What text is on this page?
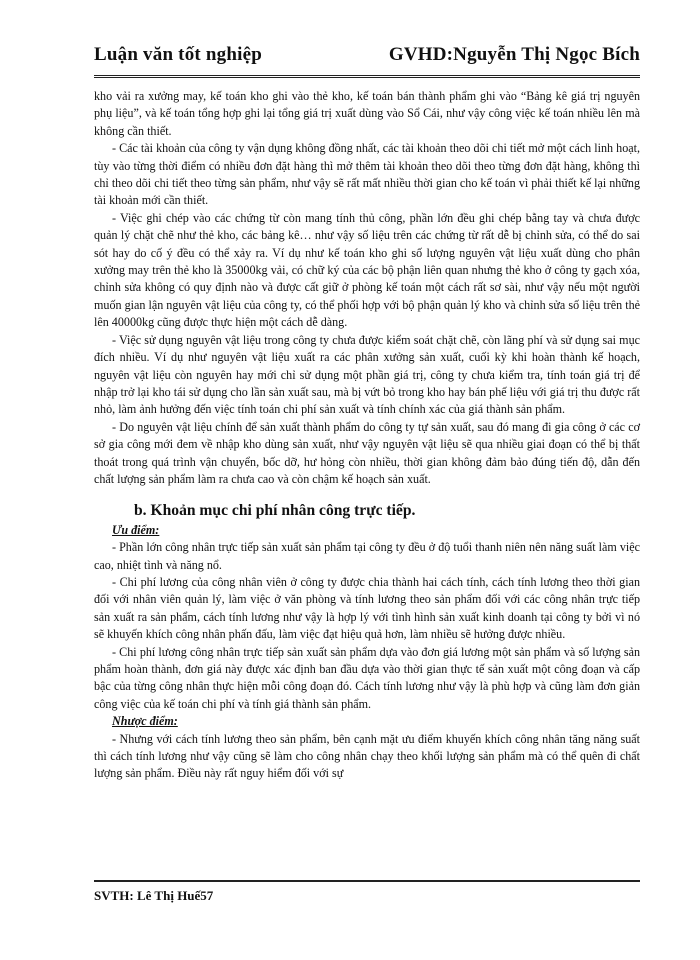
Luận văn tốt nghiệp	GVHD:Nguyễn Thị Ngọc Bích

kho vải ra xưởng may, kế toán kho ghi vào thẻ kho, kế toán bán thành phẩm ghi vào “Bảng kê giá trị nguyên phụ liệu”, và kế toán tổng hợp ghi lại tổng giá trị xuất dùng vào Sổ Cái, như vậy công việc kế toán nhiều lên mà không cần thiết.

- Các tài khoản của công ty vận dụng không đồng nhất, các tài khoản theo dõi chi tiết mở một cách linh hoạt, tùy vào từng thời điểm có nhiều đơn đặt hàng thì mở thêm tài khoản theo dõi theo từng đơn đặt hàng, không thì chỉ theo dõi chi tiết theo từng sản phẩm, như vậy sẽ rất mất nhiều thời gian cho kế toán vì phải thiết kế lại những tài khoản mới cần thiết.

- Việc ghi chép vào các chứng từ còn mang tính thủ công, phần lớn đều ghi chép bằng tay và chưa được quản lý chặt chẽ như thẻ kho, các bảng kê… như vậy số liệu trên các chứng từ rất dễ bị chỉnh sửa, có thể do sai sót hay do cố ý đều có thể xảy ra. Ví dụ như kế toán kho ghi số lượng nguyên vật liệu xuất dùng cho phân xưởng may trên thẻ kho là 35000kg vải, có chữ ký của các bộ phận liên quan nhưng thẻ kho ở công ty gạch xóa, chỉnh sửa không có quy định nào và được cất giữ ở phòng kế toán một cách rất sơ sài, như vậy nếu một người muốn gian lận nguyên vật liệu của công ty, có thể phối hợp với bộ phận quản lý kho và chỉnh sửa số liệu trên thẻ lên 40000kg cũng được thực hiện một cách dễ dàng.

- Việc sử dụng nguyên vật liệu trong công ty chưa được kiểm soát chặt chẽ, còn lãng phí và sử dụng sai mục đích nhiều. Ví dụ như nguyên vật liệu xuất ra các phân xưởng sản xuất, cuối kỳ khi hoàn thành kế hoạch, nguyên vật liệu còn nguyên hay mới chỉ sử dụng một phần giá trị, công ty chưa kiểm tra, tính toán giá trị để nhập trở lại kho tái sử dụng cho lần sản xuất sau, mà bị vứt bỏ trong kho hay bán phế liệu với giá trị thu được rất nhỏ, làm ảnh hưởng đến việc tính toán chi phí sản xuất và tính chính xác của giá thành sản phẩm.

- Do nguyên vật liệu chính để sản xuất thành phẩm do công ty tự sản xuất, sau đó mang đi gia công ở các cơ sở gia công mới đem về nhập kho dùng sản xuất, như vậy nguyên vật liệu sẽ qua nhiều giai đoạn có thể bị thất thoát trong quá trình vận chuyển, bốc dỡ, hư hỏng còn nhiều, thời gian không đảm bảo đúng tiến độ, dẫn đến chất lượng sản phẩm làm ra chưa cao và còn chậm kế hoạch sản xuất.

b. Khoản mục chi phí nhân công trực tiếp.

Ưu điểm:

- Phần lớn công nhân trực tiếp sản xuất sản phẩm tại công ty đều ở độ tuổi thanh niên nên năng suất làm việc cao, nhiệt tình và năng nổ.

- Chi phí lương của công nhân viên ở công ty được chia thành hai cách tính, cách tính lương theo thời gian đối với nhân viên quản lý, làm việc ở văn phòng và tính lương theo sản phẩm đối với các công nhân trực tiếp sản xuất ra sản phẩm, cách tính lương như vậy là hợp lý với tình hình sản xuất kinh doanh tại công ty bởi vì nó sẽ khuyến khích công nhân phấn đấu, làm việc đạt hiệu quả hơn, làm nhiều sẽ hưởng được nhiều.

- Chi phí lương công nhân trực tiếp sản xuất sản phẩm dựa vào đơn giá lương một sản phẩm và số lượng sản phẩm hoàn thành, đơn giá này được xác định ban đầu dựa vào thời gian thực tế sản xuất một công đoạn và cấp bậc của từng công nhân thực hiện mỗi công đoạn đó. Cách tính lương như vậy là phù hợp và cũng làm đơn giản công việc của kế toán chi phí và tính giá thành sản phẩm.

Nhược điểm:

- Nhưng với cách tính lương theo sản phẩm, bên cạnh mặt ưu điểm khuyến khích công nhân tăng năng suất thì cách tính lương như vậy cũng sẽ làm cho công nhân chạy theo khối lượng sản phẩm mà có thể quên đi chất lượng sản phẩm. Điều này rất nguy hiểm đối với sự

SVTH: Lê Thị Huế57
